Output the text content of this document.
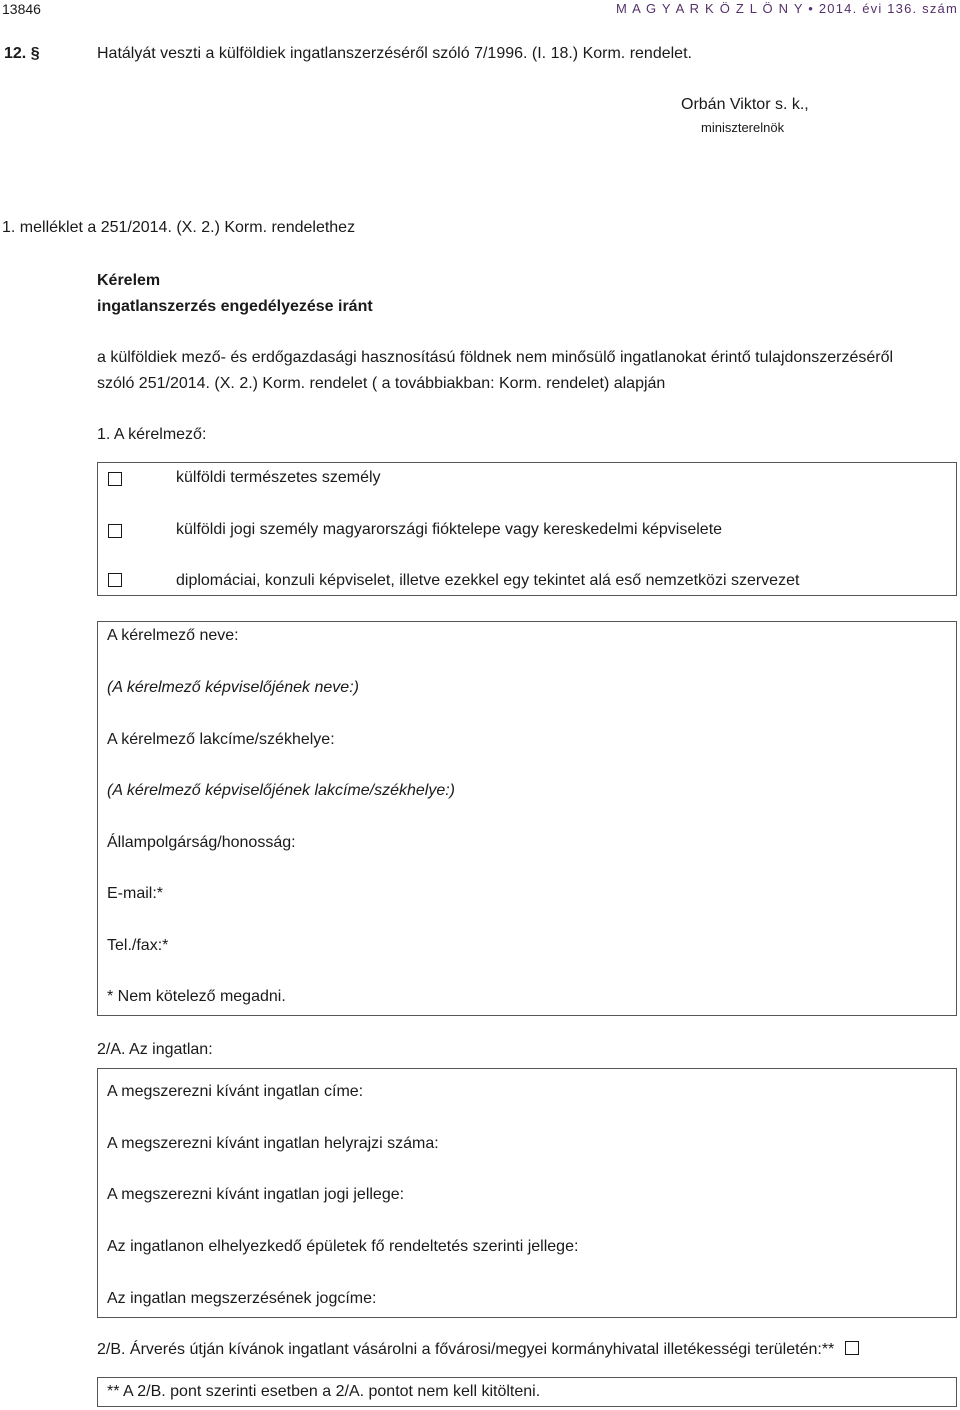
13846	M A G Y A R K Ö Z L Ö N Y • 2014. évi 136. szám
12. §	Hatályát veszti a külföldiek ingatlanszerzéséről szóló 7/1996. (I. 18.) Korm. rendelet.
Orbán Viktor s. k.,
miniszterelnök
1. melléklet a 251/2014. (X. 2.) Korm. rendelethez
Kérelem
ingatlanszerzés engedélyezése iránt
a külföldiek mező- és erdőgazdasági hasznosítású földnek nem minősülő ingatlanokat érintő tulajdonszerzéséről
szóló 251/2014. (X. 2.) Korm. rendelet ( a továbbiakban: Korm. rendelet) alapján
1. A kérelmező:
külföldi természetes személy
külföldi jogi személy magyarországi fióktelepe vagy kereskedelmi képviselete
diplomáciai, konzuli képviselet, illetve ezekkel egy tekintet alá eső nemzetközi szervezet
A kérelmező neve:
(A kérelmező képviselőjének neve:)
A kérelmező lakcíme/székhelye:
(A kérelmező képviselőjének lakcíme/székhelye:)
Állampolgárság/honosság:
E-mail:*
Tel./fax:*
* Nem kötelező megadni.
2/A. Az ingatlan:
A megszerezni kívánt ingatlan címe:
A megszerezni kívánt ingatlan helyrajzi száma:
A megszerezni kívánt ingatlan jogi jellege:
Az ingatlanon elhelyezkedő épületek fő rendeltetés szerinti jellege:
Az ingatlan megszerzésének jogcíme:
2/B. Árverés útján kívánok ingatlant vásárolni a fővárosi/megyei kormányhivatal illetékességi területén:**
** A 2/B. pont szerinti esetben a 2/A. pontot nem kell kitölteni.
